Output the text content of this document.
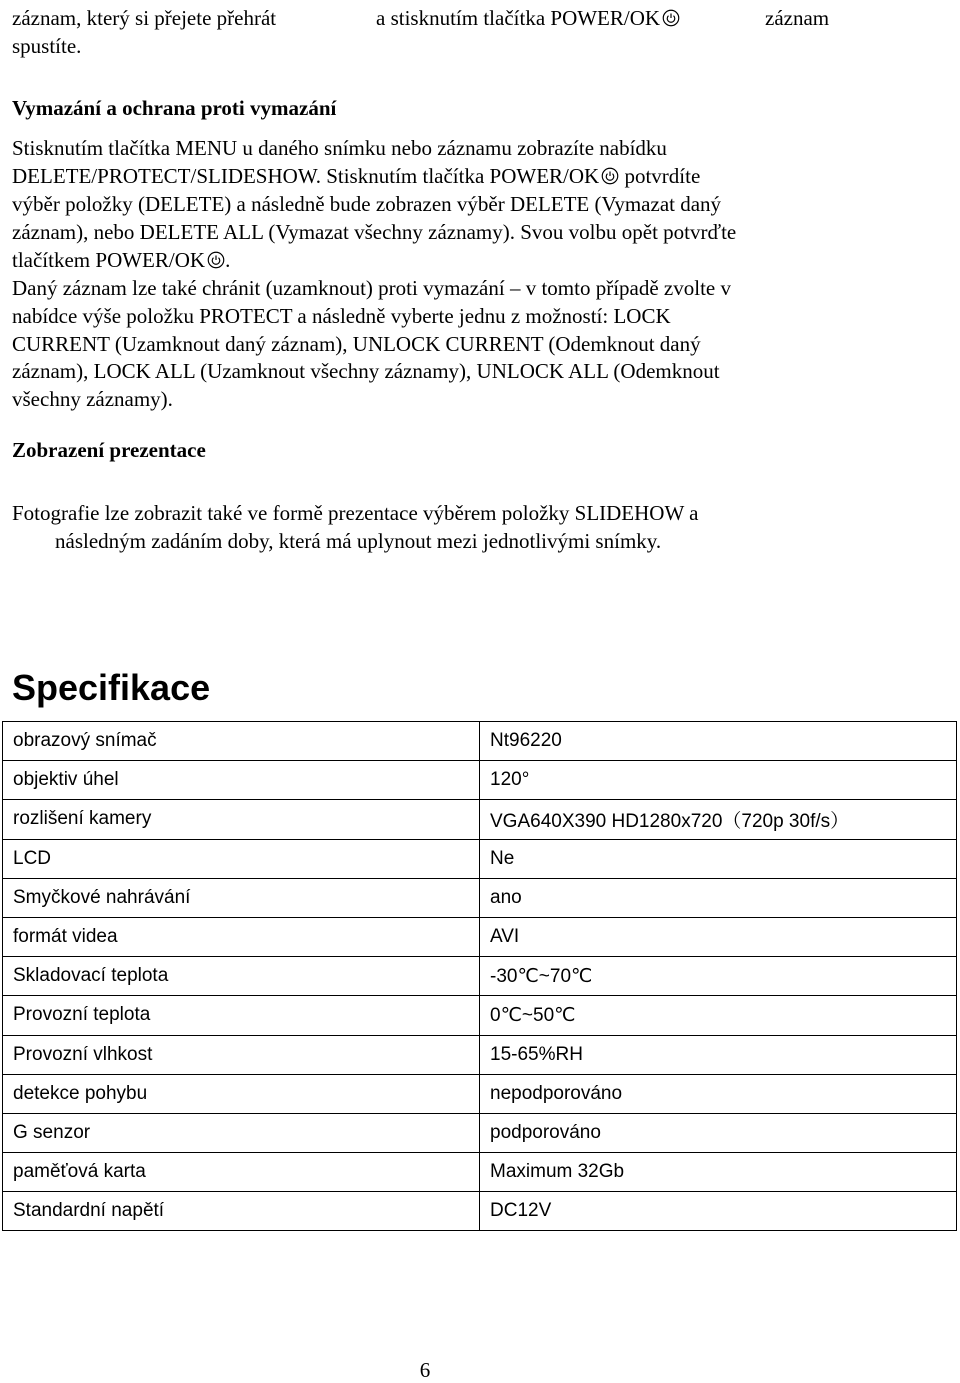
záznam, který si přejete přehrát	a stisknutím tlačítka POWER/OK	záznam
spustíte.
Vymazání a ochrana proti vymazání
Stisknutím tlačítka MENU u daného snímku nebo záznamu zobrazíte nabídku
DELETE/PROTECT/SLIDESHOW. Stisknutím tlačítka POWER/OK potvrdíte
výběr položky (DELETE) a následně bude zobrazen výběr DELETE (Vymazat daný
záznam), nebo DELETE ALL (Vymazat všechny záznamy). Svou volbu opět potvrďte
tlačítkem POWER/OK .
Daný záznam lze také chránit (uzamknout) proti vymazání – v tomto případě zvolte v
nabídce výše položku PROTECT a následně vyberte jednu z možností: LOCK
CURRENT (Uzamknout daný záznam), UNLOCK CURRENT (Odemknout daný
záznam), LOCK ALL (Uzamknout všechny záznamy), UNLOCK ALL (Odemknout
všechny záznamy).
Zobrazení prezentace
Fotografie lze zobrazit také ve formě prezentace výběrem položky SLIDEHOW a
následným zadáním doby, která má uplynout mezi jednotlivými snímky.
Specifikace
obrazový snímač	Nt96220
objektiv úhel	120°
rozlišení kamery	VGA640X390 HD1280x720（720p 30f/s）
LCD	Ne
Smyčkové nahrávání	ano
formát videa	AVI
Skladovací teplota	-30℃~70℃
Provozní teplota	0℃~50℃
Provozní vlhkost	15-65%RH
detekce pohybu	nepodporováno
G senzor	podporováno
paměťová karta	Maximum 32Gb
Standardní napětí	DC12V
6
